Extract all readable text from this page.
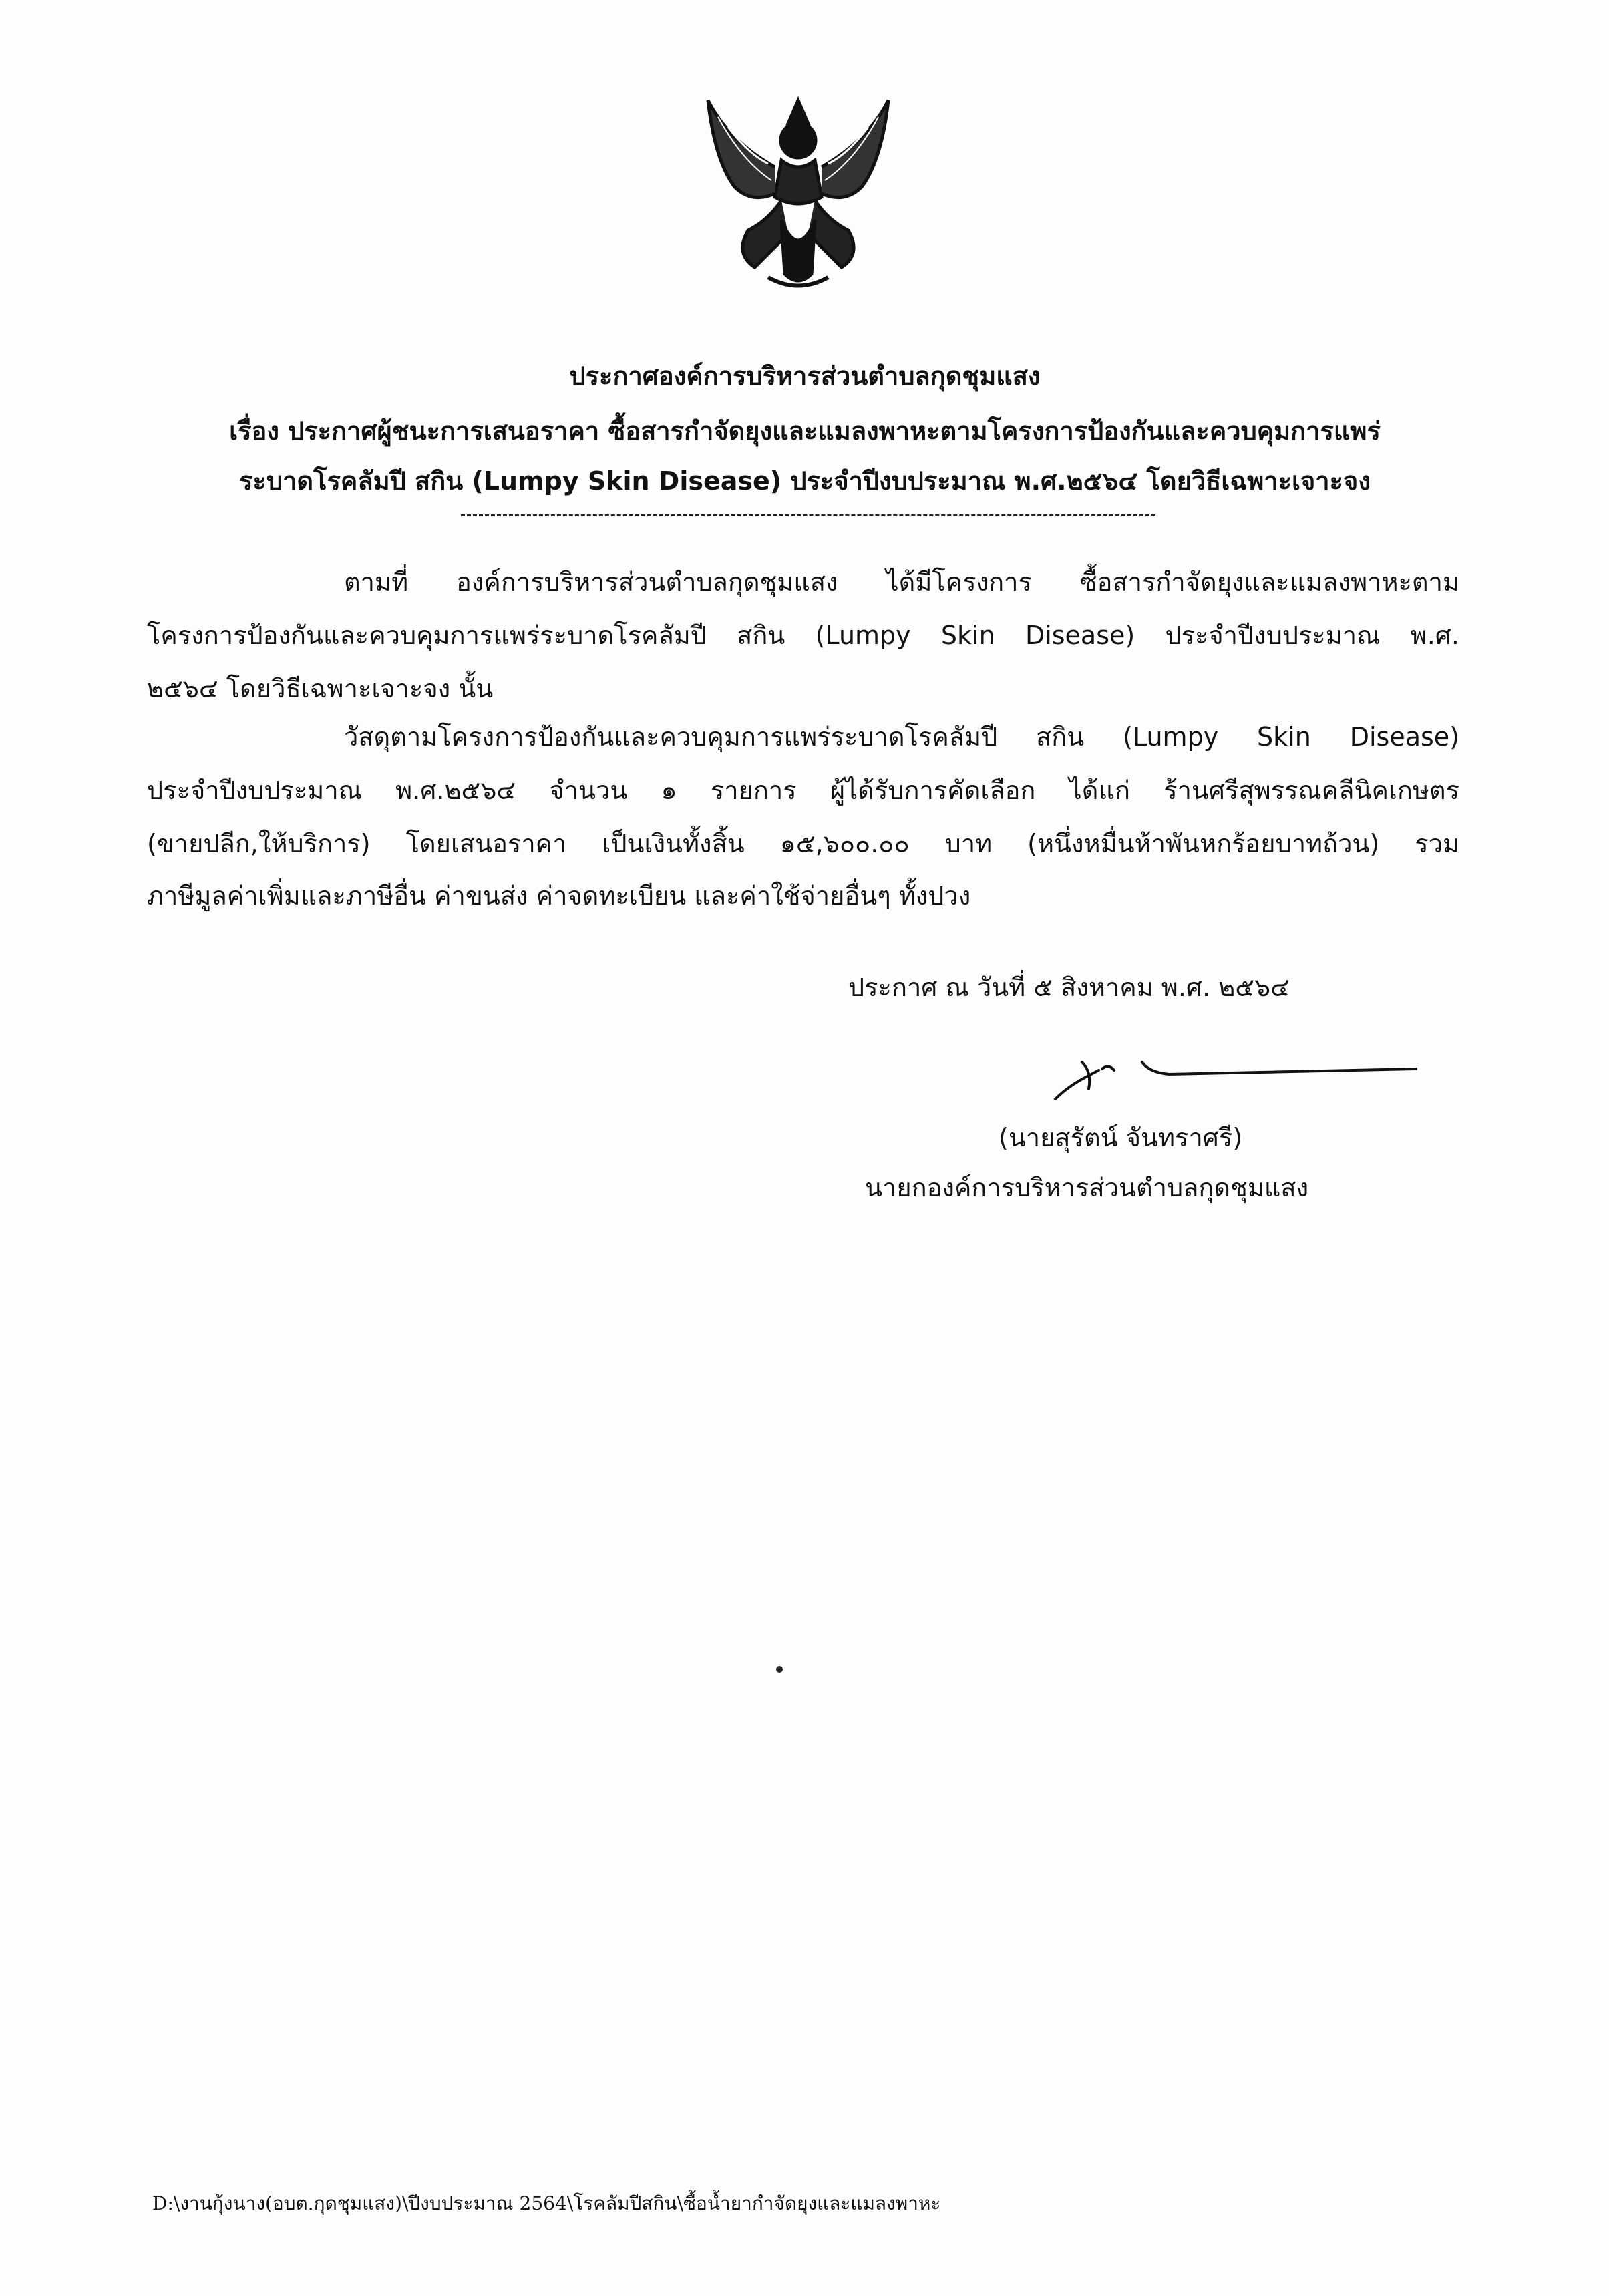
ประกาศองค์การบริหารส่วนตำบลกุดชุมแสง
เรื่อง ประกาศผู้ชนะการเสนอราคา ซื้อสารกำจัดยุงและแมลงพาหะตามโครงการป้องกันและควบคุมการแพร่
ระบาดโรคลัมปี สกิน (Lumpy Skin Disease) ประจำปีงบประมาณ พ.ศ.๒๕๖๔ โดยวิธีเฉพาะเจาะจง
ตามที่ องค์การบริหารส่วนตำบลกุดชุมแสง ได้มีโครงการ ซื้อสารกำจัดยุงและแมลงพาหะตาม
โครงการป้องกันและควบคุมการแพร่ระบาดโรคลัมปี สกิน (Lumpy Skin Disease) ประจำปีงบประมาณ พ.ศ.
๒๕๖๔ โดยวิธีเฉพาะเจาะจง นั้น
วัสดุตามโครงการป้องกันและควบคุมการแพร่ระบาดโรคลัมปี สกิน (Lumpy Skin Disease)
ประจำปีงบประมาณ พ.ศ.๒๕๖๔ จำนวน ๑ รายการ ผู้ได้รับการคัดเลือก ได้แก่ ร้านศรีสุพรรณคลีนิคเกษตร
(ขายปลีก,ให้บริการ) โดยเสนอราคา เป็นเงินทั้งสิ้น ๑๕,๖๐๐.๐๐ บาท (หนึ่งหมื่นห้าพันหกร้อยบาทถ้วน) รวม
ภาษีมูลค่าเพิ่มและภาษีอื่น ค่าขนส่ง ค่าจดทะเบียน และค่าใช้จ่ายอื่นๆ ทั้งปวง
ประกาศ ณ วันที่ ๕ สิงหาคม พ.ศ. ๒๕๖๔
(นายสุรัตน์ จันทราศรี)
นายกองค์การบริหารส่วนตำบลกุดชุมแสง
D:\งานกุ้งนาง(อบต.กุดชุมแสง)\ปีงบประมาณ 2564\โรคลัมปีสกิน\ซื้อน้ำยากำจัดยุงและแมลงพาหะ
